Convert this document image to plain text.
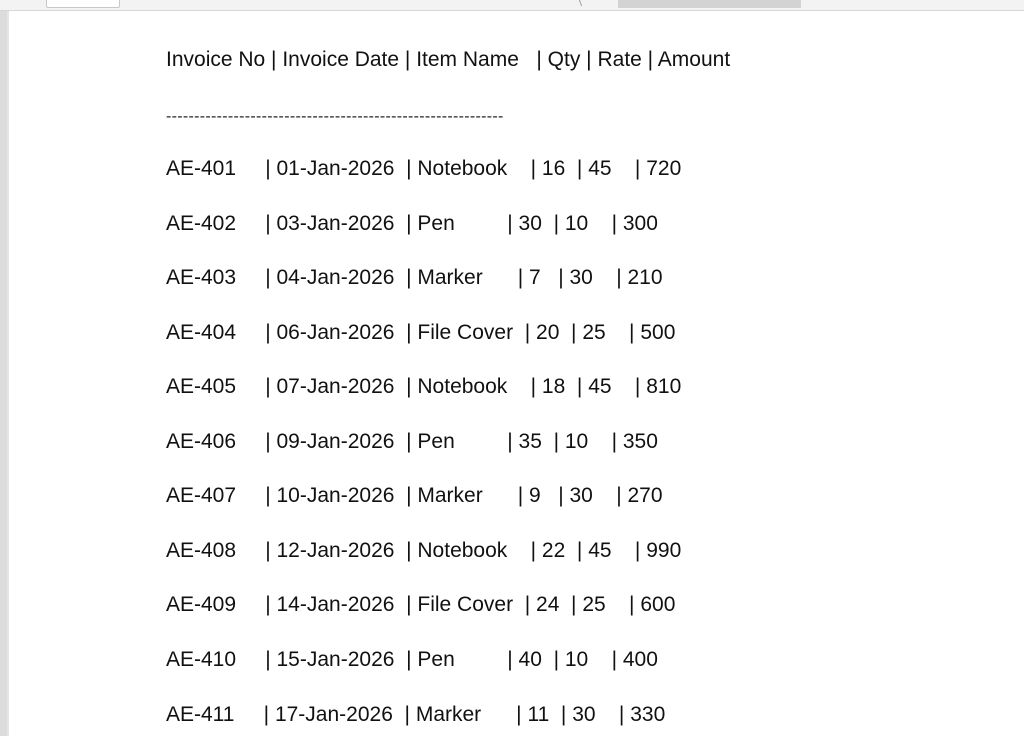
Invoice No | Invoice Date | Item Name   | Qty | Rate | Amount

------------------------------------------------------------

AE-401     | 01-Jan-2026  | Notebook    | 16  | 45    | 720

AE-402     | 03-Jan-2026  | Pen         | 30  | 10    | 300

AE-403     | 04-Jan-2026  | Marker      | 7   | 30    | 210

AE-404     | 06-Jan-2026  | File Cover  | 20  | 25    | 500

AE-405     | 07-Jan-2026  | Notebook    | 18  | 45    | 810

AE-406     | 09-Jan-2026  | Pen         | 35  | 10    | 350

AE-407     | 10-Jan-2026  | Marker      | 9   | 30    | 270

AE-408     | 12-Jan-2026  | Notebook    | 22  | 45    | 990

AE-409     | 14-Jan-2026  | File Cover  | 24  | 25    | 600

AE-410     | 15-Jan-2026  | Pen         | 40  | 10    | 400

AE-411     | 17-Jan-2026  | Marker      | 11  | 30    | 330
